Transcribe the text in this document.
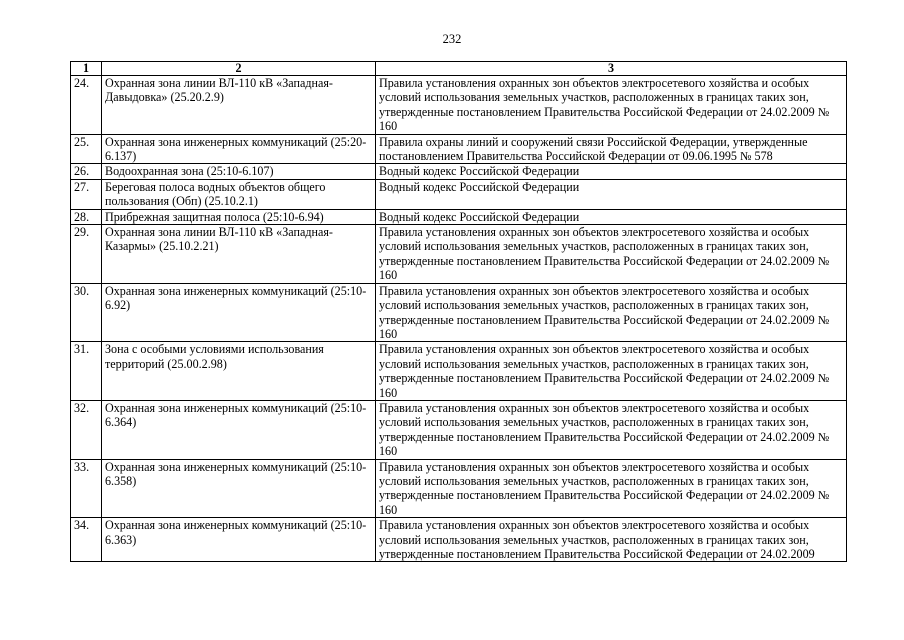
232
1	2	3
24.	Охранная зона линии ВЛ-110 кВ «Западная-Давыдовка» (25.20.2.9)	Правила установления охранных зон объектов электросетевого хозяйства и особых условий использования земельных участков, расположенных в границах таких зон, утвержденные постановлением Правительства Российской Федерации от 24.02.2009 № 160
25.	Охранная зона инженерных коммуникаций (25:20-6.137)	Правила охраны линий и сооружений связи Российской Федерации, утвержденные постановлением Правительства Российской Федерации от 09.06.1995 № 578
26.	Водоохранная зона (25:10-6.107)	Водный кодекс Российской Федерации
27.	Береговая полоса водных объектов общего пользования (Обп) (25.10.2.1)	Водный кодекс Российской Федерации
28.	Прибрежная защитная полоса (25:10-6.94)	Водный кодекс Российской Федерации
29.	Охранная зона линии ВЛ-110 кВ «Западная-Казармы» (25.10.2.21)	Правила установления охранных зон объектов электросетевого хозяйства и особых условий использования земельных участков, расположенных в границах таких зон, утвержденные постановлением Правительства Российской Федерации от 24.02.2009 № 160
30.	Охранная зона инженерных коммуникаций (25:10-6.92)	Правила установления охранных зон объектов электросетевого хозяйства и особых условий использования земельных участков, расположенных в границах таких зон, утвержденные постановлением Правительства Российской Федерации от 24.02.2009 № 160
31.	Зона с особыми условиями использования территорий (25.00.2.98)	Правила установления охранных зон объектов электросетевого хозяйства и особых условий использования земельных участков, расположенных в границах таких зон, утвержденные постановлением Правительства Российской Федерации от 24.02.2009 № 160
32.	Охранная зона инженерных коммуникаций (25:10-6.364)	Правила установления охранных зон объектов электросетевого хозяйства и особых условий использования земельных участков, расположенных в границах таких зон, утвержденные постановлением Правительства Российской Федерации от 24.02.2009 № 160
33.	Охранная зона инженерных коммуникаций (25:10-6.358)	Правила установления охранных зон объектов электросетевого хозяйства и особых условий использования земельных участков, расположенных в границах таких зон, утвержденные постановлением Правительства Российской Федерации от 24.02.2009 № 160
34.	Охранная зона инженерных коммуникаций (25:10-6.363)	Правила установления охранных зон объектов электросетевого хозяйства и особых условий использования земельных участков, расположенных в границах таких зон, утвержденные постановлением Правительства Российской Федерации от 24.02.2009
